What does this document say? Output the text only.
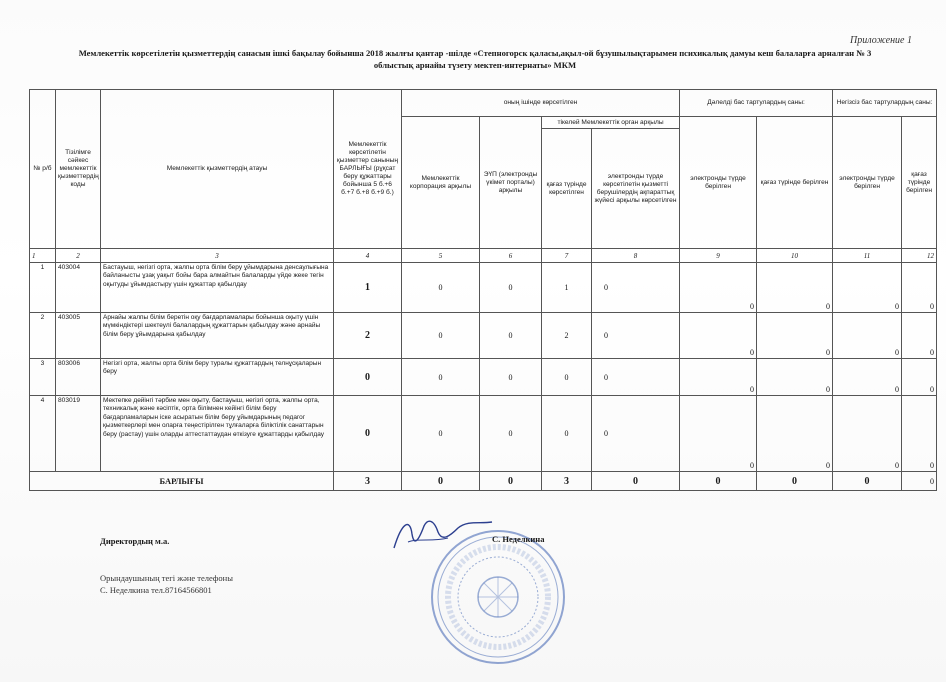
Приложение 1
Мемлекеттік көрсетілетін қызметтердің санасын ішкі бақылау бойынша 2018 жылғы қантар -шілде «Степногорск қаласы,ақыл-ой бұзушылықтарымен психикалық дамуы кеш балаларға арналған № 3
облыстық арнайы түзету мектеп-интернаты» МКМ
№ р/б	Тізілімге сәйкес мемлекеттік қызметтердің коды	Мемлекеттік қызметтердің атауы	Мемлекеттік көрсетілетін қызметтер санының БАРЛЫҒЫ (рұқсат беру құжаттары бойынша 5 б.+6 б.+7 б.+8 б.+9 б.)	оның ішінде көрсетілген				Дәлелді бас тартулардың саны:		Негізсіз бас тартулардың саны:	
				Мемлекеттік корпорация арқылы	ЭҮП (электронды үкімет порталы) арқылы	тікелей Мемлекеттік орган арқылы		электронды түрде берілген	қағаз түрінде берілген	электронды түрде берілген	қағаз түрінде берілген
						қағаз түрінде көрсетілген	электронды түрде көрсетілетін қызметті берушілердің ақпараттық жүйесі арқылы көрсетілген				
1	2	3	4	5	6	7	8	9	10	11	12
1	403004	Бастауыш, негізгі орта, жалпы орта білім беру ұйымдарына денсаулығына байланысты ұзақ уақыт бойы бара алмайтын балаларды үйде жеке тегін оқытуды ұйымдастыру үшін құжаттар қабылдау	1	0	0	1	0	0	0	0	0
2	403005	Арнайы жалпы білім беретін оқу бағдарламалары бойынша оқыту үшін мүмкіндіктері шектеулі балалардың құжаттарын қабылдау және арнайы білім беру ұйымдарына қабылдау	2	0	0	2	0	0	0	0	0
3	803006	Негізгі орта, жалпы орта білім беру туралы құжаттардың телнұсқаларын беру	0	0	0	0	0	0	0	0	0
4	803019	Мектепке дейінгі тәрбие мен оқыту, бастауыш, негізгі орта, жалпы орта, техникалық және кәсіптік, орта білімнен кейінгі білім беру бағдарламаларын іске асыратын білім беру ұйымдарының педагог қызметкерлері мен оларға теңестірілген тұлғаларға біліктілік санаттарын беру (растау) үшін оларды аттестаттаудан өткізуге құжаттарды қабылдау	0	0	0	0	0	0	0	0	0
БАРЛЫҒЫ			3	0	0	3	0	0	0	0	0
Директордың м.а.	С. Неделкина
Орындаушының тегі және телефоны
С. Неделкина тел.87164566801
